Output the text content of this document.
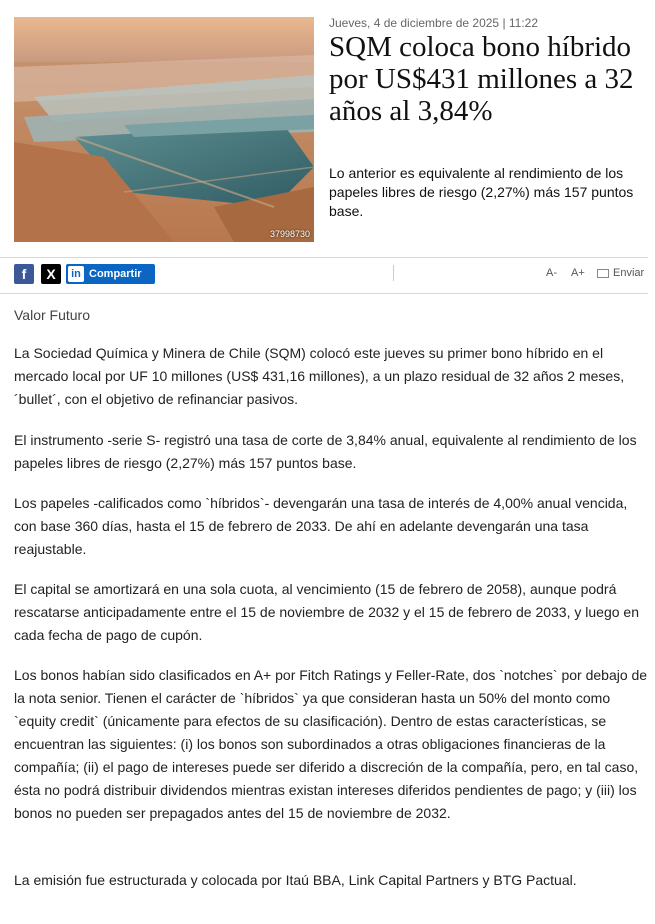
37998730
Jueves, 4 de diciembre de 2025 | 11:22
SQM coloca bono híbrido por US$431 millones a 32 años al 3,84%

Lo anterior es equivalente al rendimiento de los papeles libres de riesgo (2,27%) más 157 puntos base.

f X in Compartir	A- A+	Enviar
Valor Futuro

La Sociedad Química y Minera de Chile (SQM) colocó este jueves su primer bono híbrido en el mercado local por UF 10 millones (US$ 431,16 millones), a un plazo residual de 32 años 2 meses, ´bullet´, con el objetivo de refinanciar pasivos.

El instrumento -serie S- registró una tasa de corte de 3,84% anual, equivalente al rendimiento de los papeles libres de riesgo (2,27%) más 157 puntos base.

Los papeles -calificados como `híbridos`- devengarán una tasa de interés de 4,00% anual vencida, con base 360 días, hasta el 15 de febrero de 2033. De ahí en adelante devengarán una tasa reajustable.

El capital se amortizará en una sola cuota, al vencimiento (15 de febrero de 2058), aunque podrá rescatarse anticipadamente entre el 15 de noviembre de 2032 y el 15 de febrero de 2033, y luego en cada fecha de pago de cupón.

Los bonos habían sido clasificados en A+ por Fitch Ratings y Feller-Rate, dos `notches` por debajo de la nota senior. Tienen el carácter de `híbridos` ya que consideran hasta un 50% del monto como `equity credit` (únicamente para efectos de su clasificación). Dentro de estas características, se encuentran las siguientes: (i) los bonos son subordinados a otras obligaciones financieras de la compañía; (ii) el pago de intereses puede ser diferido a discreción de la compañía, pero, en tal caso, ésta no podrá distribuir dividendos mientras existan intereses diferidos pendientes de pago; y (iii) los bonos no pueden ser prepagados antes del 15 de noviembre de 2032.

La emisión fue estructurada y colocada por Itaú BBA, Link Capital Partners y BTG Pactual.
